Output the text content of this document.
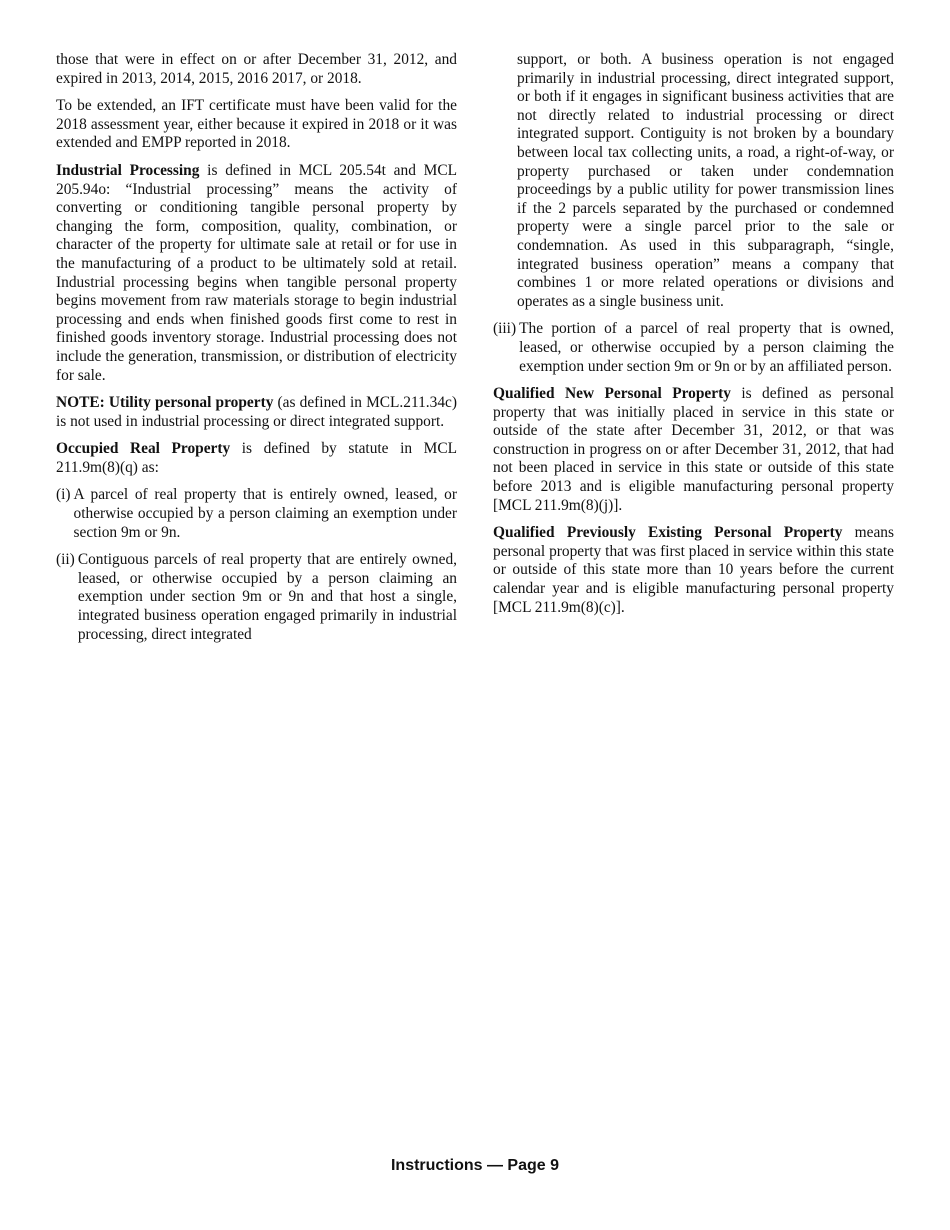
those that were in effect on or after December 31, 2012, and expired in 2013, 2014, 2015, 2016 2017, or 2018.

To be extended, an IFT certificate must have been valid for the 2018 assessment year, either because it expired in 2018 or it was extended and EMPP reported in 2018.

Industrial Processing is defined in MCL 205.54t and MCL 205.94o: “Industrial processing” means the activity of converting or conditioning tangible personal property by changing the form, composition, quality, combination, or character of the property for ultimate sale at retail or for use in the manufacturing of a product to be ultimately sold at retail. Industrial processing begins when tangible personal property begins movement from raw materials storage to begin industrial processing and ends when finished goods first come to rest in finished goods inventory storage. Industrial processing does not include the generation, transmission, or distribution of electricity for sale.

NOTE: Utility personal property (as defined in MCL.211.34c) is not used in industrial processing or direct integrated support.

Occupied Real Property is defined by statute in MCL 211.9m(8)(q) as:

(i) A parcel of real property that is entirely owned, leased, or otherwise occupied by a person claiming an exemption under section 9m or 9n.
(ii) Contiguous parcels of real property that are entirely owned, leased, or otherwise occupied by a person claiming an exemption under section 9m or 9n and that host a single, integrated business operation engaged primarily in industrial processing, direct integrated

support, or both. A business operation is not engaged primarily in industrial processing, direct integrated support, or both if it engages in significant business activities that are not directly related to industrial processing or direct integrated support. Contiguity is not broken by a boundary between local tax collecting units, a road, a right-of-way, or property purchased or taken under condemnation proceedings by a public utility for power transmission lines if the 2 parcels separated by the purchased or condemned property were a single parcel prior to the sale or condemnation. As used in this subparagraph, “single, integrated business operation” means a company that combines 1 or more related operations or divisions and operates as a single business unit.

(iii) The portion of a parcel of real property that is owned, leased, or otherwise occupied by a person claiming the exemption under section 9m or 9n or by an affiliated person.

Qualified New Personal Property is defined as personal property that was initially placed in service in this state or outside of the state after December 31, 2012, or that was construction in progress on or after December 31, 2012, that had not been placed in service in this state or outside of this state before 2013 and is eligible manufacturing personal property [MCL 211.9m(8)(j)].

Qualified Previously Existing Personal Property means personal property that was first placed in service within this state or outside of this state more than 10 years before the current calendar year and is eligible manufacturing personal property [MCL 211.9m(8)(c)].

Instructions — Page 9
